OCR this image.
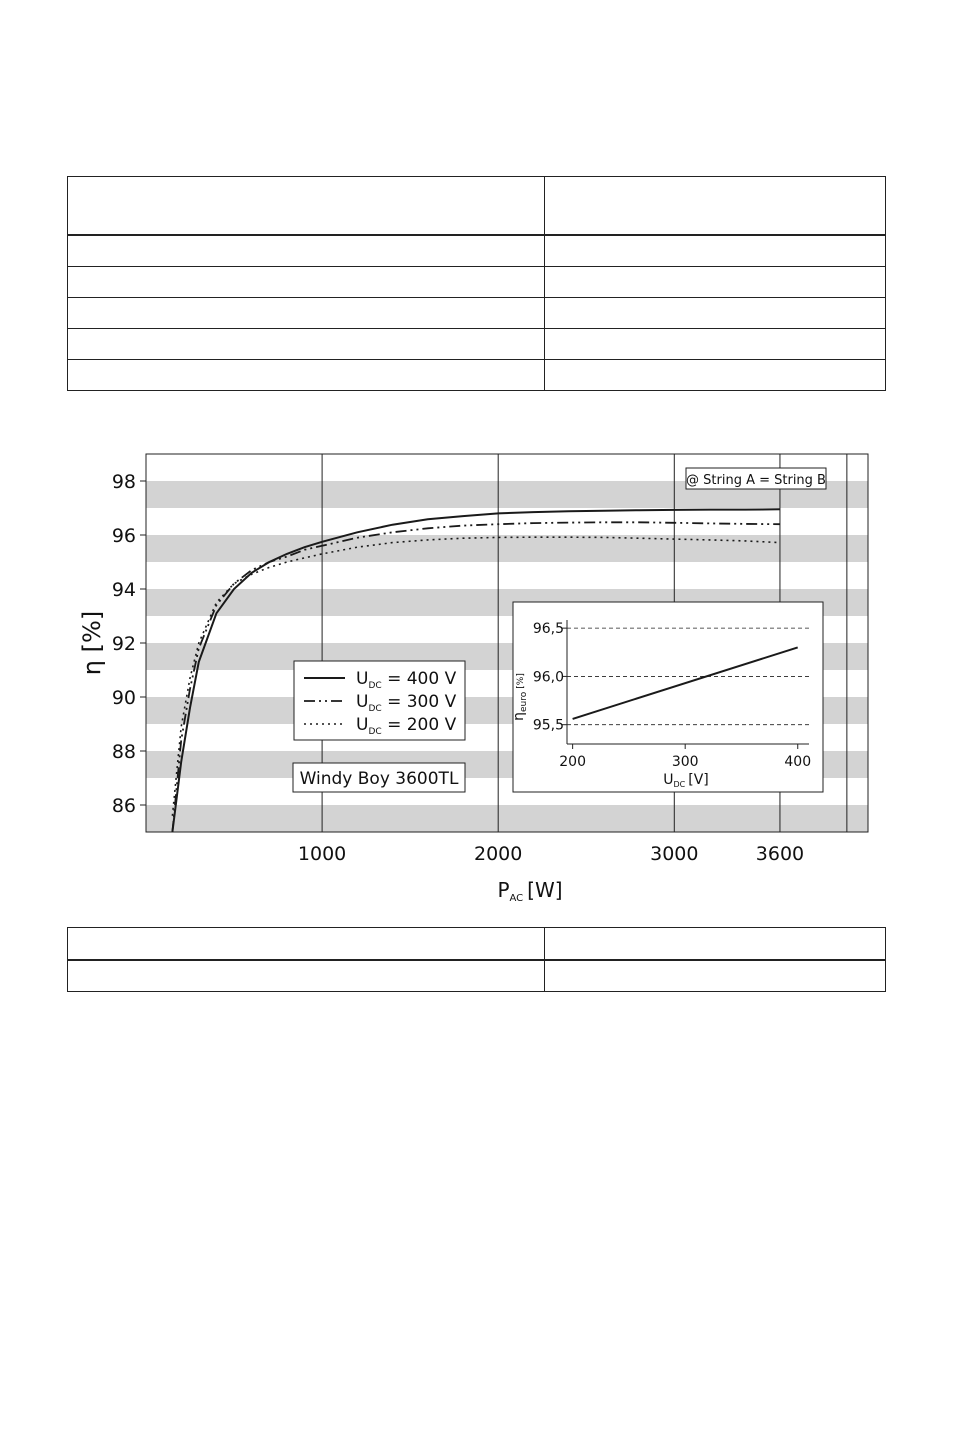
86
88
90
92
94
96
98
1000	2000	3000	3600
η [%]
$P_{AC}$ [W]
@ String A = String B
$U_{DC} = 400$ V
$U_{DC} = 300$ V
$U_{DC} = 200$ V
Windy Boy 3600TL
95,5
96,0
96,5
200	300	400
$\eta_{euro}[\%]$
$U_{DC}$ [V]
